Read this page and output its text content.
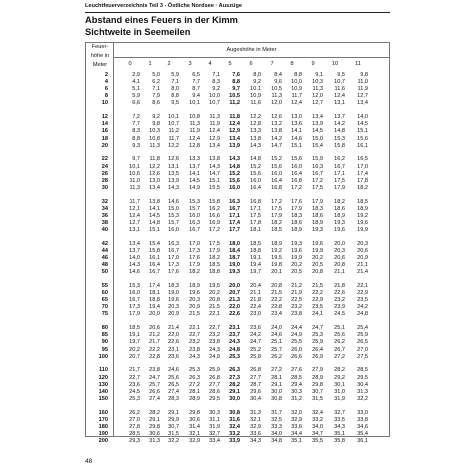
Leuchtfeuerverzeichnis Teil 3 - Östliche Nordsee · Auszüge
Abstand eines Feuers in der Kimm
Sichtweite in Seemeilen
Feuer-
höhe in
Meter
Augeshöhe in Meter
0	1	2	3	4	5	6	7	8	9	10	11
2	2,9	5,0	5,9	6,5	7,1	7,6	8,0	8,4	8,8	9,1	9,5	9,8
4	4,1	6,2	7,1	7,7	8,3	8,8	9,2	9,6	10,0	10,3	10,7	11,0
6	5,1	7,1	8,0	8,7	9,2	9,7	10,1	10,5	10,9	11,3	11,6	11,9
8	5,9	7,9	8,8	9,4	10,0	10,5	10,9	11,3	11,7	12,0	12,4	12,7
10	6,6	8,6	9,5	10,1	10,7	11,2	11,6	12,0	12,4	12,7	13,1	13,4
12	7,2	9,2	10,1	10,8	11,3	11,8	12,2	12,6	13,0	13,4	13,7	14,0
14	7,7	9,8	10,7	11,3	11,9	12,4	12,8	13,2	13,6	13,9	14,2	14,5
16	8,3	10,3	11,2	11,9	12,4	12,9	13,3	13,8	14,1	14,5	14,8	15,1
18	8,8	10,8	11,7	12,4	12,9	13,4	13,8	14,2	14,6	15,0	15,3	15,6
20	9,3	11,3	12,2	12,8	13,4	13,9	14,3	14,7	15,1	15,4	15,8	16,1
22	9,7	11,8	12,6	13,3	13,8	14,3	14,8	15,2	15,6	15,9	16,2	16,5
24	10,1	12,2	13,1	13,7	14,3	14,8	15,2	15,6	16,0	16,3	16,7	17,0
26	10,6	12,6	13,5	14,1	14,7	15,2	15,6	16,0	16,4	16,7	17,1	17,4
28	11,0	13,0	13,9	14,5	15,1	15,6	16,0	16,4	16,8	17,2	17,5	17,8
30	11,3	13,4	14,3	14,9	15,5	16,0	16,4	16,8	17,2	17,5	17,9	18,2
32	11,7	13,8	14,6	15,3	15,8	16,3	16,8	17,2	17,6	17,9	18,2	18,5
34	12,1	14,1	15,0	15,7	16,2	16,7	17,1	17,5	17,9	18,3	18,6	18,9
36	12,4	14,5	15,3	16,0	16,6	17,1	17,5	17,9	18,3	18,6	18,9	19,2
38	12,7	14,8	15,7	16,3	16,9	17,4	17,8	18,2	18,6	18,9	19,3	19,6
40	13,1	15,1	16,0	16,7	17,2	17,7	18,1	18,5	18,9	19,3	19,6	19,9
42	13,4	15,4	16,3	17,0	17,5	18,0	18,5	18,9	19,3	19,6	20,0	20,3
44	13,7	15,8	16,7	17,3	17,9	18,4	18,8	19,2	19,6	19,9	20,3	20,6
46	14,0	16,1	17,0	17,6	18,2	18,7	19,1	19,5	19,9	20,2	20,6	20,9
48	14,3	16,4	17,3	17,9	18,5	19,0	19,4	19,8	20,2	20,5	20,8	21,1
50	14,6	16,7	17,6	18,2	18,8	19,3	19,7	20,1	20,5	20,8	21,1	21,4
55	15,3	17,4	18,3	18,9	19,5	20,0	20,4	20,8	21,2	21,5	21,8	22,1
60	16,0	18,1	19,0	19,6	20,2	20,7	21,1	21,5	21,9	22,2	22,6	22,9
65	16,7	18,8	19,6	20,3	20,8	21,3	21,8	22,2	22,5	22,9	23,2	23,5
70	17,3	19,4	20,3	20,9	21,5	22,0	22,4	22,8	23,2	23,5	23,9	24,2
75	17,9	20,0	20,9	21,5	22,1	22,6	23,0	23,4	23,8	24,1	24,5	24,8
80	18,5	20,6	21,4	22,1	22,7	23,1	23,6	24,0	24,4	24,7	25,1	25,4
85	19,1	21,2	22,0	22,7	23,2	23,7	24,2	24,6	24,9	25,3	25,6	25,9
90	19,7	21,7	22,6	23,2	23,8	24,3	24,7	25,1	25,5	25,9	26,2	26,5
95	20,2	22,2	23,1	23,8	24,3	24,8	25,2	25,7	26,0	26,4	26,7	27,0
100	20,7	22,8	23,6	24,3	24,9	25,3	25,8	26,2	26,6	26,9	27,2	27,5
110	21,7	23,8	24,6	25,3	25,9	26,3	26,8	27,2	27,6	27,9	28,2	28,5
120	22,7	24,7	25,6	26,3	26,8	27,3	27,7	28,1	28,5	28,9	29,2	29,5
130	23,6	25,7	26,5	27,2	27,7	28,2	28,7	29,1	29,4	29,8	30,1	30,4
140	24,5	26,6	27,4	28,1	28,6	29,1	29,6	30,0	30,3	30,7	31,0	31,3
150	25,3	27,4	28,3	28,9	29,5	30,0	30,4	30,8	31,2	31,5	31,9	32,2
160	26,2	28,2	29,1	29,8	30,3	30,8	31,3	31,7	32,0	32,4	32,7	33,0
170	27,0	29,1	29,9	30,6	31,1	31,6	32,1	32,5	32,9	33,2	33,5	33,8
180	27,8	29,8	30,7	31,4	31,9	32,4	32,9	33,3	33,6	34,0	34,3	34,6
190	28,5	30,6	31,5	32,1	32,7	33,2	33,6	34,0	34,4	34,7	35,1	35,4
200	29,3	31,3	32,2	32,9	33,4	33,9	34,3	34,8	35,1	35,5	35,8	36,1
48
